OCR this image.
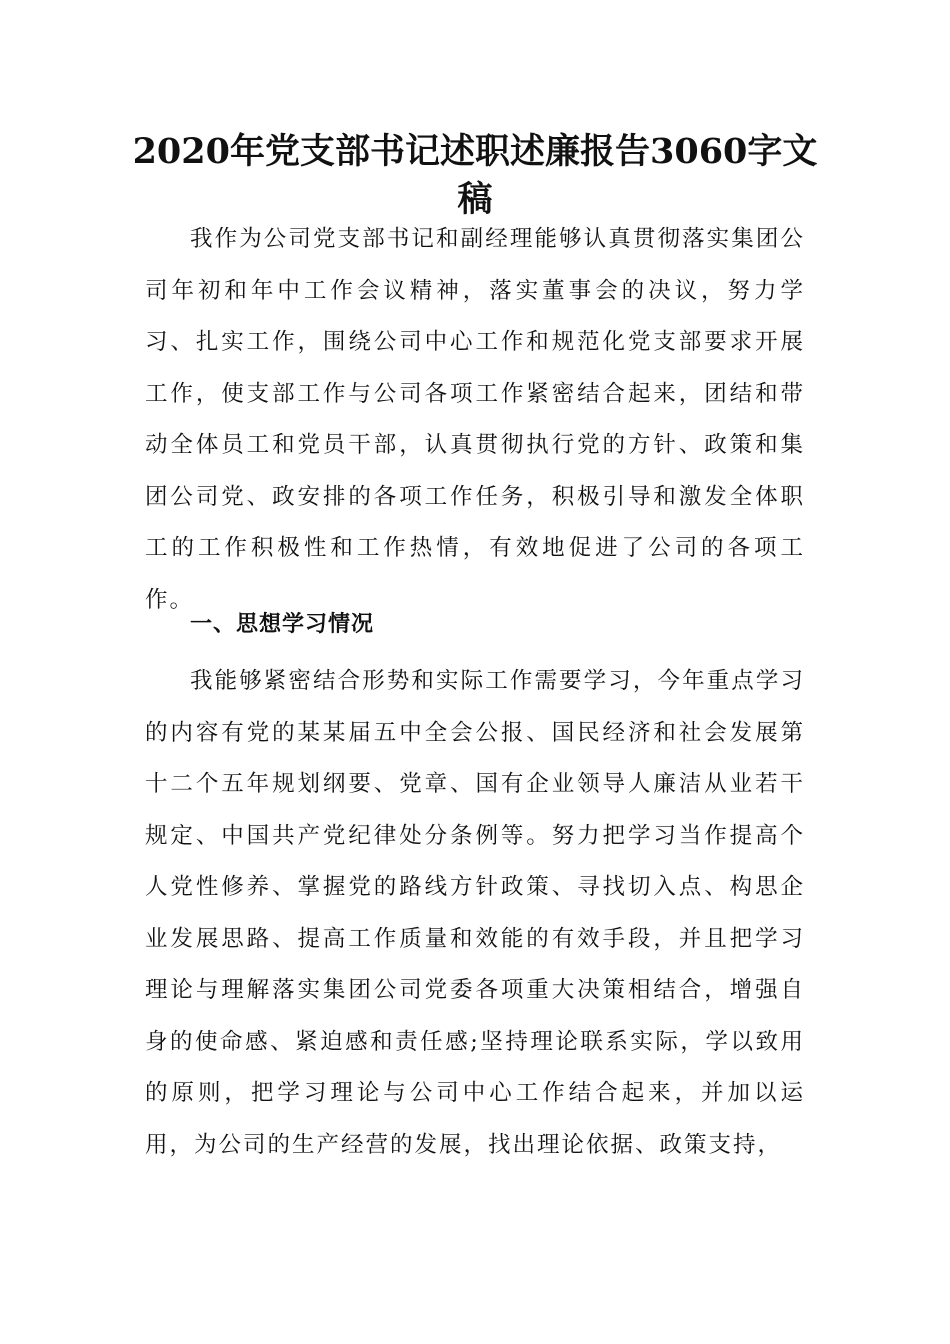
2020年党支部书记述职述廉报告3060字文稿

我作为公司党支部书记和副经理能够认真贯彻落实集团公司年初和年中工作会议精神，落实董事会的决议，努力学习、扎实工作，围绕公司中心工作和规范化党支部要求开展工作，使支部工作与公司各项工作紧密结合起来，团结和带动全体员工和党员干部，认真贯彻执行党的方针、政策和集团公司党、政安排的各项工作任务，积极引导和激发全体职工的工作积极性和工作热情，有效地促进了公司的各项工作。

一、思想学习情况

我能够紧密结合形势和实际工作需要学习，今年重点学习的内容有党的某某届五中全会公报、国民经济和社会发展第十二个五年规划纲要、党章、国有企业领导人廉洁从业若干规定、中国共产党纪律处分条例等。努力把学习当作提高个人党性修养、掌握党的路线方针政策、寻找切入点、构思企业发展思路、提高工作质量和效能的有效手段，并且把学习理论与理解落实集团公司党委各项重大决策相结合，增强自身的使命感、紧迫感和责任感;坚持理论联系实际，学以致用的原则，把学习理论与公司中心工作结合起来，并加以运用，为公司的生产经营的发展，找出理论依据、政策支持，
